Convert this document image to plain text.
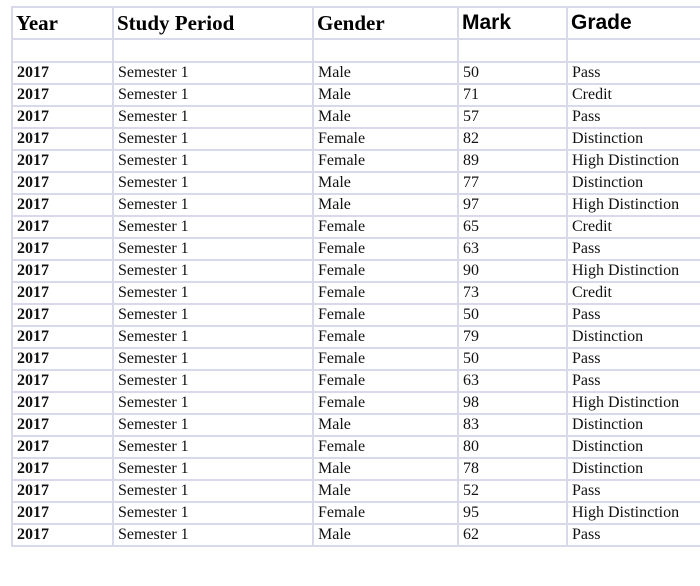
Year	Study Period	Gender	Mark	Grade

2017	Semester 1	Male	50	Pass
2017	Semester 1	Male	71	Credit
2017	Semester 1	Male	57	Pass
2017	Semester 1	Female	82	Distinction
2017	Semester 1	Female	89	High Distinction
2017	Semester 1	Male	77	Distinction
2017	Semester 1	Male	97	High Distinction
2017	Semester 1	Female	65	Credit
2017	Semester 1	Female	63	Pass
2017	Semester 1	Female	90	High Distinction
2017	Semester 1	Female	73	Credit
2017	Semester 1	Female	50	Pass
2017	Semester 1	Female	79	Distinction
2017	Semester 1	Female	50	Pass
2017	Semester 1	Female	63	Pass
2017	Semester 1	Female	98	High Distinction
2017	Semester 1	Male	83	Distinction
2017	Semester 1	Female	80	Distinction
2017	Semester 1	Male	78	Distinction
2017	Semester 1	Male	52	Pass
2017	Semester 1	Female	95	High Distinction
2017	Semester 1	Male	62	Pass
